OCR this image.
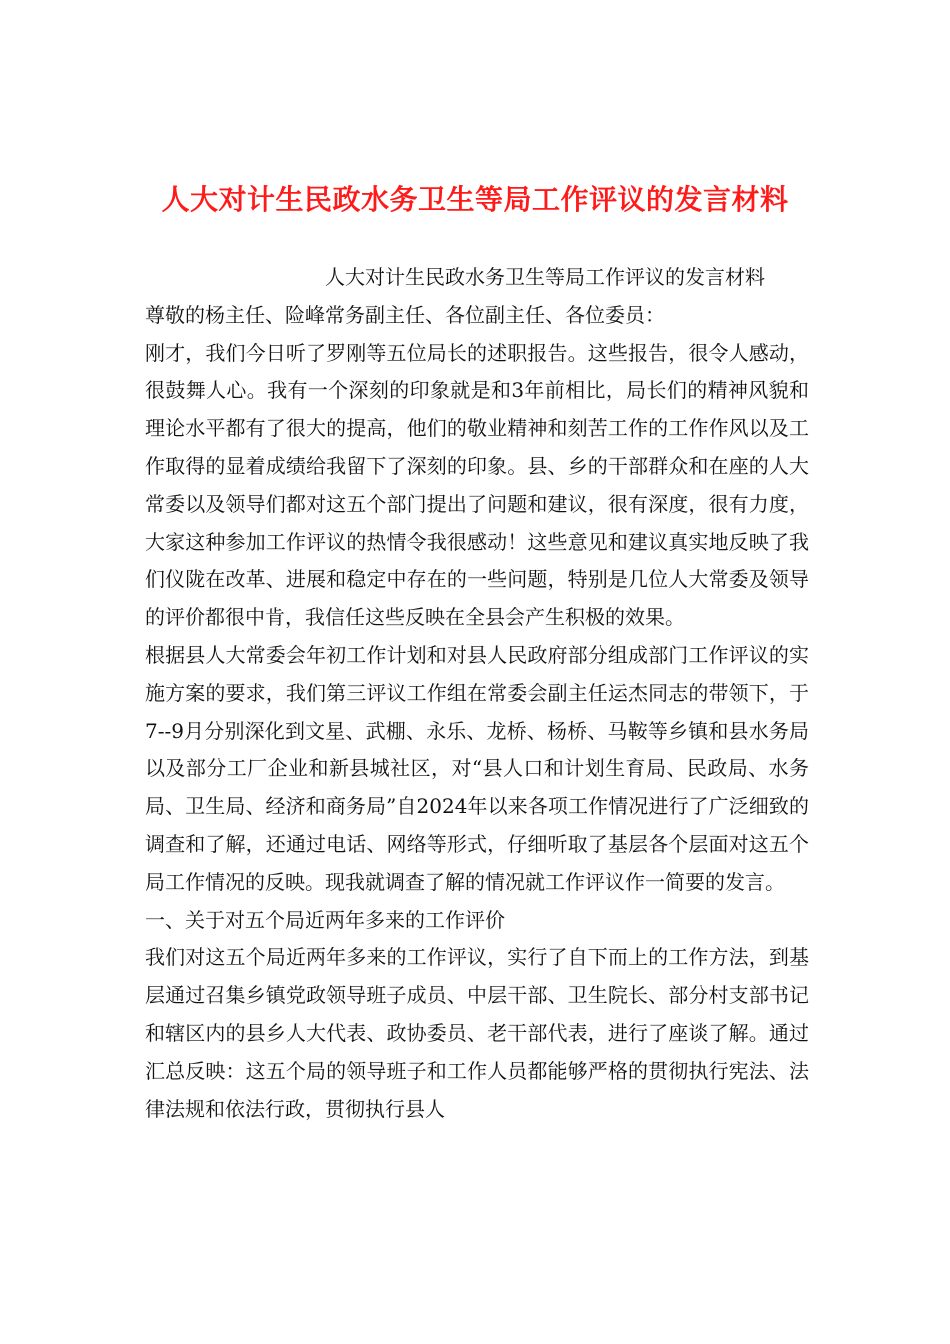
人大对计生民政水务卫生等局工作评议的发言材料

人大对计生民政水务卫生等局工作评议的发言材料

尊敬的杨主任、险峰常务副主任、各位副主任、各位委员：

刚才，我们今日听了罗刚等五位局长的述职报告。这些报告，很令人感动，很鼓舞人心。我有一个深刻的印象就是和3年前相比，局长们的精神风貌和理论水平都有了很大的提高，他们的敬业精神和刻苦工作的工作作风以及工作取得的显着成绩给我留下了深刻的印象。县、乡的干部群众和在座的人大常委以及领导们都对这五个部门提出了问题和建议，很有深度，很有力度，大家这种参加工作评议的热情令我很感动！这些意见和建议真实地反映了我们仪陇在改革、进展和稳定中存在的一些问题，特别是几位人大常委及领导的评价都很中肯，我信任这些反映在全县会产生积极的效果。

根据县人大常委会年初工作计划和对县人民政府部分组成部门工作评议的实施方案的要求，我们第三评议工作组在常委会副主任运杰同志的带领下，于7--9月分别深化到文星、武棚、永乐、龙桥、杨桥、马鞍等乡镇和县水务局以及部分工厂企业和新县城社区，对“县人口和计划生育局、民政局、水务局、卫生局、经济和商务局”自2024年以来各项工作情况进行了广泛细致的调查和了解，还通过电话、网络等形式，仔细听取了基层各个层面对这五个局工作情况的反映。现我就调查了解的情况就工作评议作一简要的发言。

一、关于对五个局近两年多来的工作评价

我们对这五个局近两年多来的工作评议，实行了自下而上的工作方法，到基层通过召集乡镇党政领导班子成员、中层干部、卫生院长、部分村支部书记和辖区内的县乡人大代表、政协委员、老干部代表，进行了座谈了解。通过汇总反映：这五个局的领导班子和工作人员都能够严格的贯彻执行宪法、法律法规和依法行政，贯彻执行县人
